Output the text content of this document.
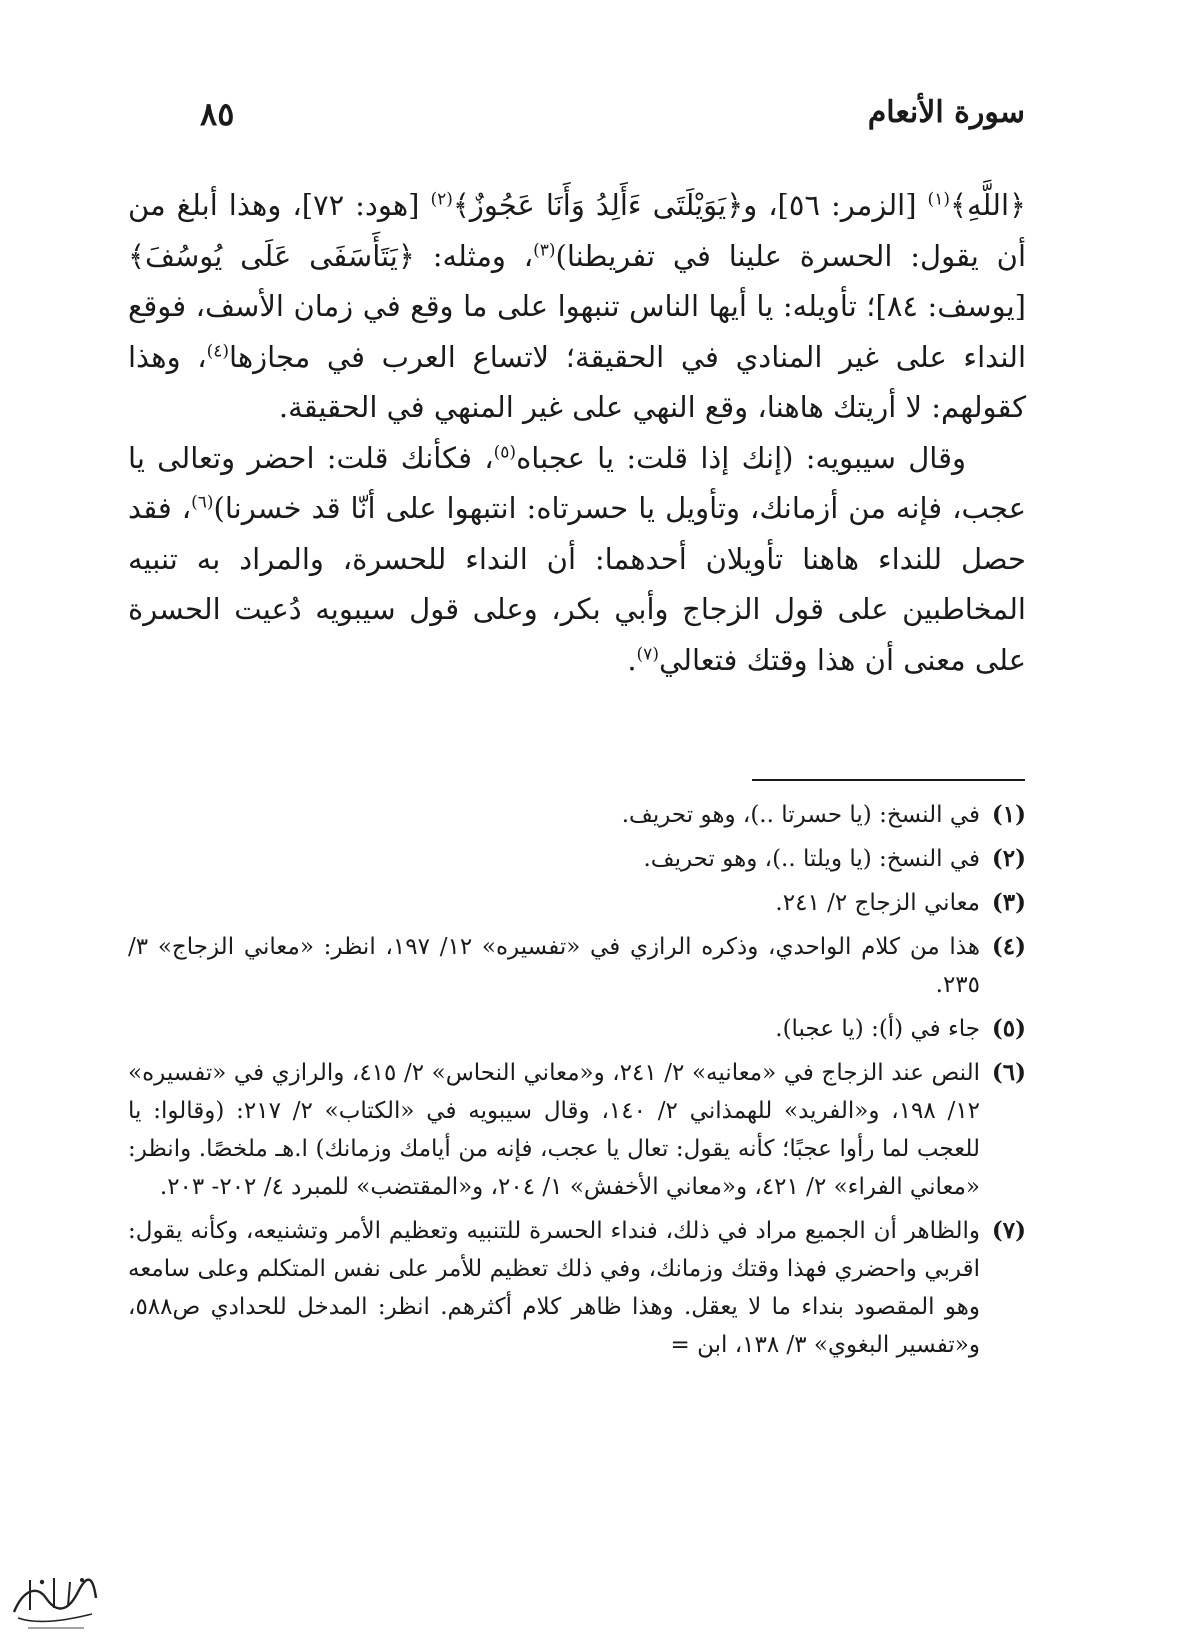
سورة الأنعام
٨٥

﴿اللَّهِ﴾$^{(١)}$ [الزمر: ٥٦]، و﴿يَوَيْلَتَى ءَأَلِدُ وَأَنَا عَجُوزٌ﴾$^{(٢)}$ [هود: ٧٢]، وهذا أبلغ من أن يقول: الحسرة علينا في تفريطنا)$^{(٣)}$، ومثله: ﴿يَتَأَسَفَى عَلَى يُوسُفَ﴾ [يوسف: ٨٤]؛ تأويله: يا أيها الناس تنبهوا على ما وقع في زمان الأسف، فوقع النداء على غير المنادي في الحقيقة؛ لاتساع العرب في مجازها$^{(٤)}$، وهذا كقولهم: لا أريتك هاهنا، وقع النهي على غير المنهي في الحقيقة.

وقال سيبويه: (إنك إذا قلت: يا عجباه$^{(٥)}$، فكأنك قلت: احضر وتعالى يا عجب، فإنه من أزمانك، وتأويل يا حسرتاه: انتبهوا على أنّا قد خسرنا)$^{(٦)}$، فقد حصل للنداء هاهنا تأويلان أحدهما: أن النداء للحسرة، والمراد به تنبيه المخاطبين على قول الزجاج وأبي بكر، وعلى قول سيبويه دُعيت الحسرة على معنى أن هذا وقتك فتعالي$^{(٧)}$.

(١)
في النسخ: (يا حسرتا ..)، وهو تحريف.
(٢)
في النسخ: (يا ويلتا ..)، وهو تحريف.
(٣)
معاني الزجاج ٢/ ٢٤١.
(٤)
هذا من كلام الواحدي، وذكره الرازي في «تفسيره» ١٢/ ١٩٧، انظر: «معاني الزجاج» ٣/ ٢٣٥.
(٥)
جاء في (أ): (يا عجبا).
(٦)
النص عند الزجاج في «معانيه» ٢/ ٢٤١، و«معاني النحاس» ٢/ ٤١٥، والرازي في «تفسيره» ١٢/ ١٩٨، و«الفريد» للهمذاني ٢/ ١٤٠، وقال سيبويه في «الكتاب» ٢/ ٢١٧: (وقالوا: يا للعجب لما رأوا عجبًا؛ كأنه يقول: تعال يا عجب، فإنه من أيامك وزمانك) ا.هـ ملخصًا. وانظر: «معاني الفراء» ٢/ ٤٢١، و«معاني الأخفش» ١/ ٢٠٤، و«المقتضب» للمبرد ٤/ ٢٠٢- ٢٠٣.
(٧)
والظاهر أن الجميع مراد في ذلك، فنداء الحسرة للتنبيه وتعظيم الأمر وتشنيعه، وكأنه يقول: اقربي واحضري فهذا وقتك وزمانك، وفي ذلك تعظيم للأمر على نفس المتكلم وعلى سامعه وهو المقصود بنداء ما لا يعقل. وهذا ظاهر كلام أكثرهم. انظر: المدخل للحدادي ص٥٨٨، و«تفسير البغوي» ٣/ ١٣٨، ابن =
